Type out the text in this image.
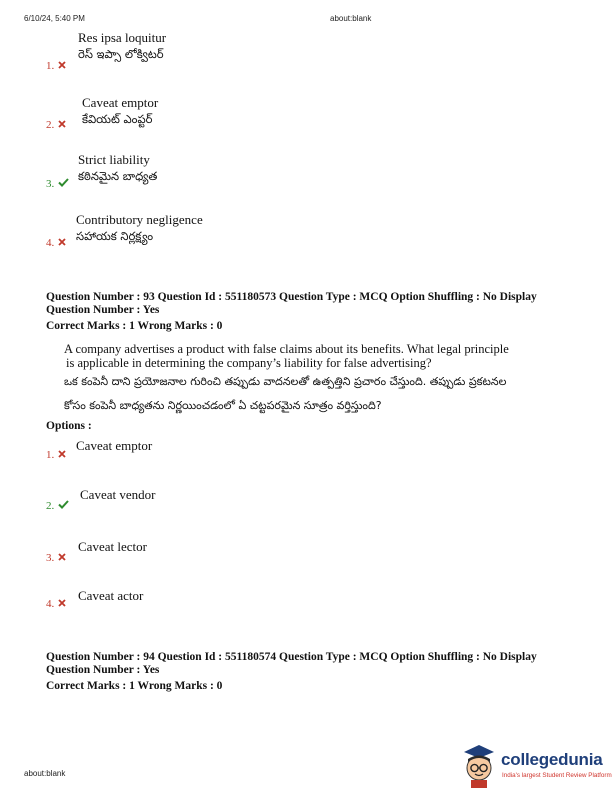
6/10/24, 5:40 PM	about:blank
Res ipsa loquitur
రెస్ ఇప్సా లోక్విటర్
1.
Caveat emptor
కేవియట్ ఎంప్టర్
2.
Strict liability
కఠినమైన బాధ్యత
3.
Contributory negligence
సహాయక నిర్లక్ష్యం
4.
Question Number : 93 Question Id : 551180573 Question Type : MCQ Option Shuffling : No Display
Question Number : Yes
Correct Marks : 1 Wrong Marks : 0
A company advertises a product with false claims about its benefits. What legal principle
is applicable in determining the company’s liability for false advertising?
ఒక కంపెనీ దాని ప్రయోజనాల గురించి తప్పుడు వాదనలతో ఉత్పత్తిని ప్రచారం చేస్తుంది. తప్పుడు ప్రకటనల
కోసం కంపెనీ బాధ్యతను నిర్ణయించడంలో ఏ చట్టపరమైన సూత్రం వర్తిస్తుంది?
Options :
Caveat emptor
1.
Caveat vendor
2.
Caveat lector
3.
Caveat actor
4.
Question Number : 94 Question Id : 551180574 Question Type : MCQ Option Shuffling : No Display
Question Number : Yes
Correct Marks : 1 Wrong Marks : 0
about:blank
collegedunia
India's largest Student Review Platform
